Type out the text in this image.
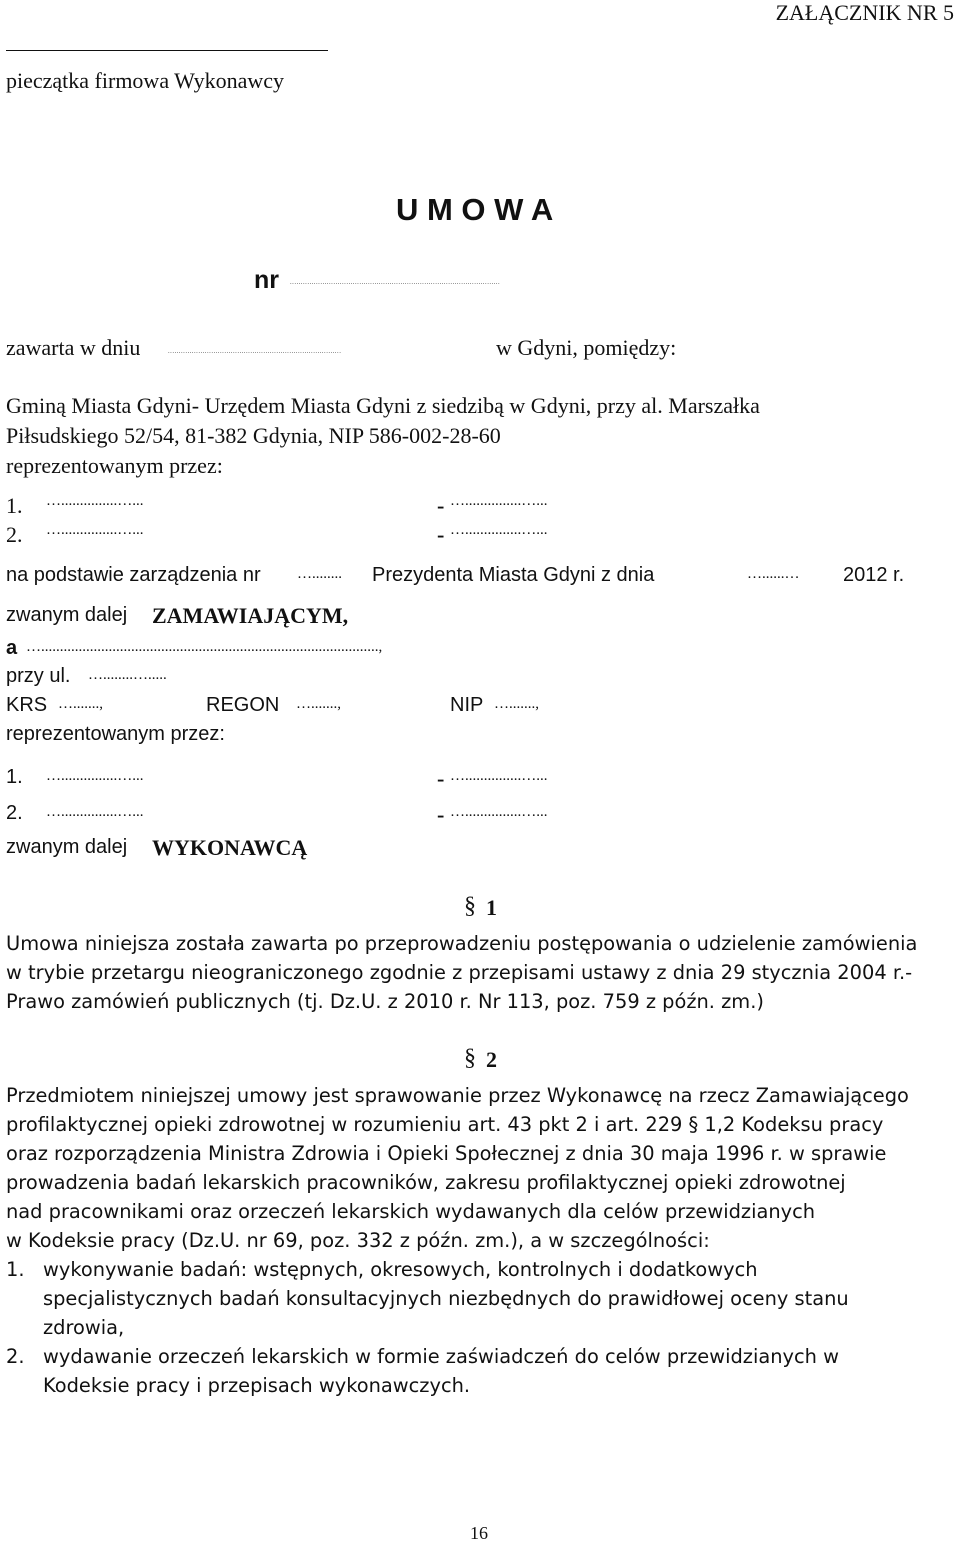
ZAŁĄCZNIK NR 5
pieczątka firmowa Wykonawcy
U M O W A
nr .................................................................................................
zawarta w dniu	................................................................................	w Gdyni, pomiędzy:
Gminą Miasta Gdyni- Urzędem Miasta Gdyni z siedzibą w Gdyni, przy al. Marszałka
Piłsudskiego 52/54, 81-382 Gdynia, NIP 586-002-28-60
reprezentowanym przez:
1. …...............…...	- …...............…...
2. …...............…...	- …...............…...
na podstawie zarządzenia nr …........ Prezydenta Miasta Gdyni z dnia	…......… 2012 r.
zwanym dalej ZAMAWIAJĄCYM,
a …..........................................................................................,
przy ul. …........….....
KRS ….......,	REGON ….......,	NIP ….......,
reprezentowanym przez:
1. …...............…...	- …...............…...
2. …...............…...	- …...............…...
zwanym dalej WYKONAWCĄ
§ 1
Umowa niniejsza została zawarta po przeprowadzeniu postępowania o udzielenie zamówienia
w trybie przetargu nieograniczonego zgodnie z przepisami ustawy z dnia 29 stycznia 2004 r.-
Prawo zamówień publicznych (tj. Dz.U. z 2010 r. Nr 113, poz. 759 z późn. zm.)
§ 2
Przedmiotem niniejszej umowy jest sprawowanie przez Wykonawcę na rzecz Zamawiającego
profilaktycznej opieki zdrowotnej w rozumieniu art. 43 pkt 2 i art. 229 § 1,2 Kodeksu pracy
oraz rozporządzenia Ministra Zdrowia i Opieki Społecznej z dnia 30 maja 1996 r. w sprawie
prowadzenia badań lekarskich pracowników, zakresu profilaktycznej opieki zdrowotnej
nad pracownikami oraz orzeczeń lekarskich wydawanych dla celów przewidzianych
w Kodeksie pracy (Dz.U. nr 69, poz. 332 z późn. zm.), a w szczególności:
1. wykonywanie badań: wstępnych, okresowych, kontrolnych i dodatkowych
specjalistycznych badań konsultacyjnych niezbędnych do prawidłowej oceny stanu
zdrowia,
2. wydawanie orzeczeń lekarskich w formie zaświadczeń do celów przewidzianych w
Kodeksie pracy i przepisach wykonawczych.
16
